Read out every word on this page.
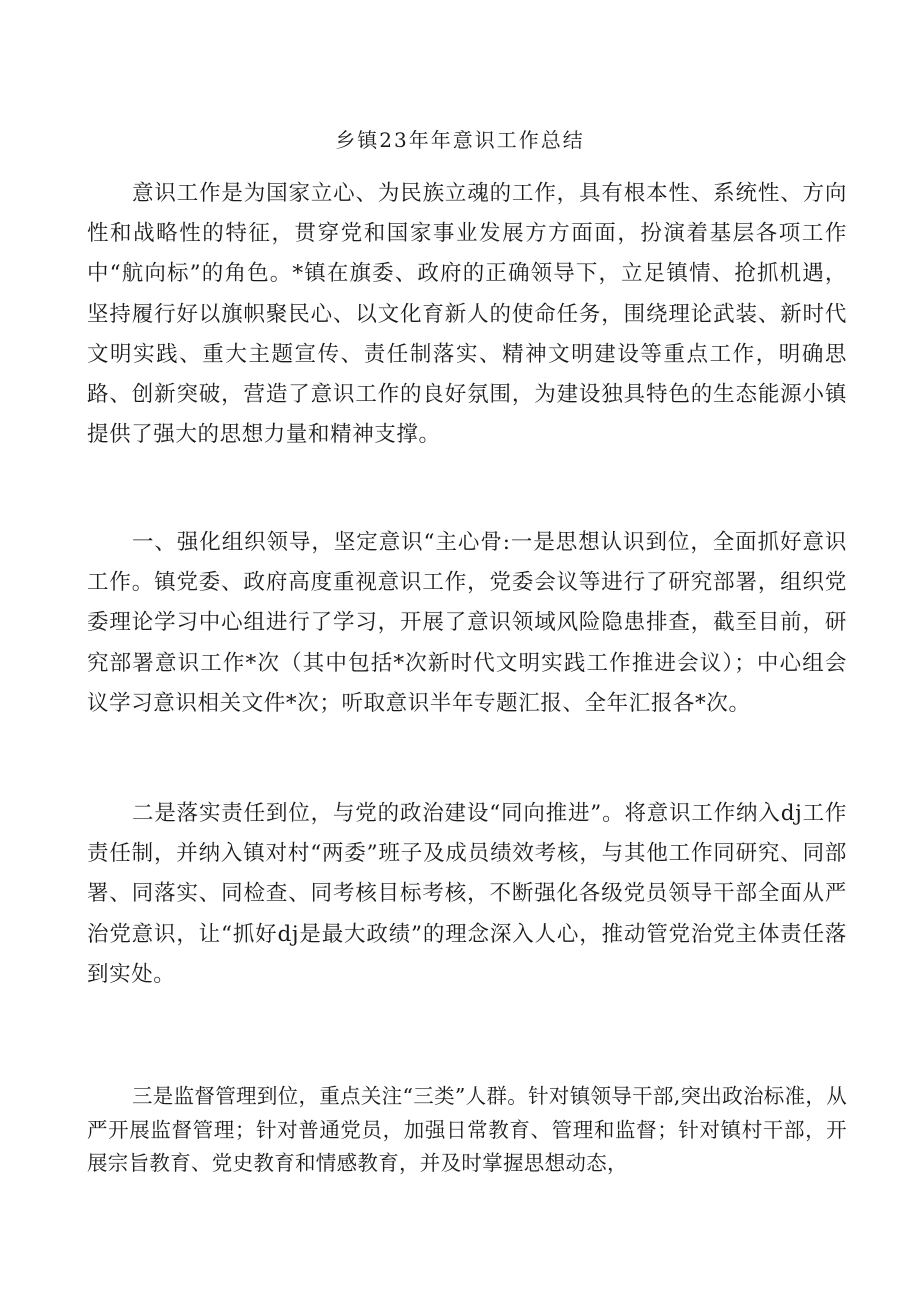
乡镇23年年意识工作总结

意识工作是为国家立心、为民族立魂的工作，具有根本性、系统性、方向性和战略性的特征，贯穿党和国家事业发展方方面面，扮演着基层各项工作中“航向标”的角色。*镇在旗委、政府的正确领导下，立足镇情、抢抓机遇，坚持履行好以旗帜聚民心、以文化育新人的使命任务，围绕理论武装、新时代文明实践、重大主题宣传、责任制落实、精神文明建设等重点工作，明确思路、创新突破，营造了意识工作的良好氛围，为建设独具特色的生态能源小镇提供了强大的思想力量和精神支撑。

一、强化组织领导，坚定意识“主心骨:一是思想认识到位，全面抓好意识工作。镇党委、政府高度重视意识工作，党委会议等进行了研究部署，组织党委理论学习中心组进行了学习，开展了意识领域风险隐患排查，截至目前，研究部署意识工作*次（其中包括*次新时代文明实践工作推进会议）；中心组会议学习意识相关文件*次；听取意识半年专题汇报、全年汇报各*次。

二是落实责任到位，与党的政治建设“同向推进”。将意识工作纳入dj工作责任制，并纳入镇对村“两委”班子及成员绩效考核，与其他工作同研究、同部署、同落实、同检查、同考核目标考核，不断强化各级党员领导干部全面从严治党意识，让“抓好dj是最大政绩”的理念深入人心，推动管党治党主体责任落到实处。

三是监督管理到位，重点关注“三类”人群。针对镇领导干部,突出政治标准，从严开展监督管理；针对普通党员，加强日常教育、管理和监督；针对镇村干部，开展宗旨教育、党史教育和情感教育，并及时掌握思想动态，
